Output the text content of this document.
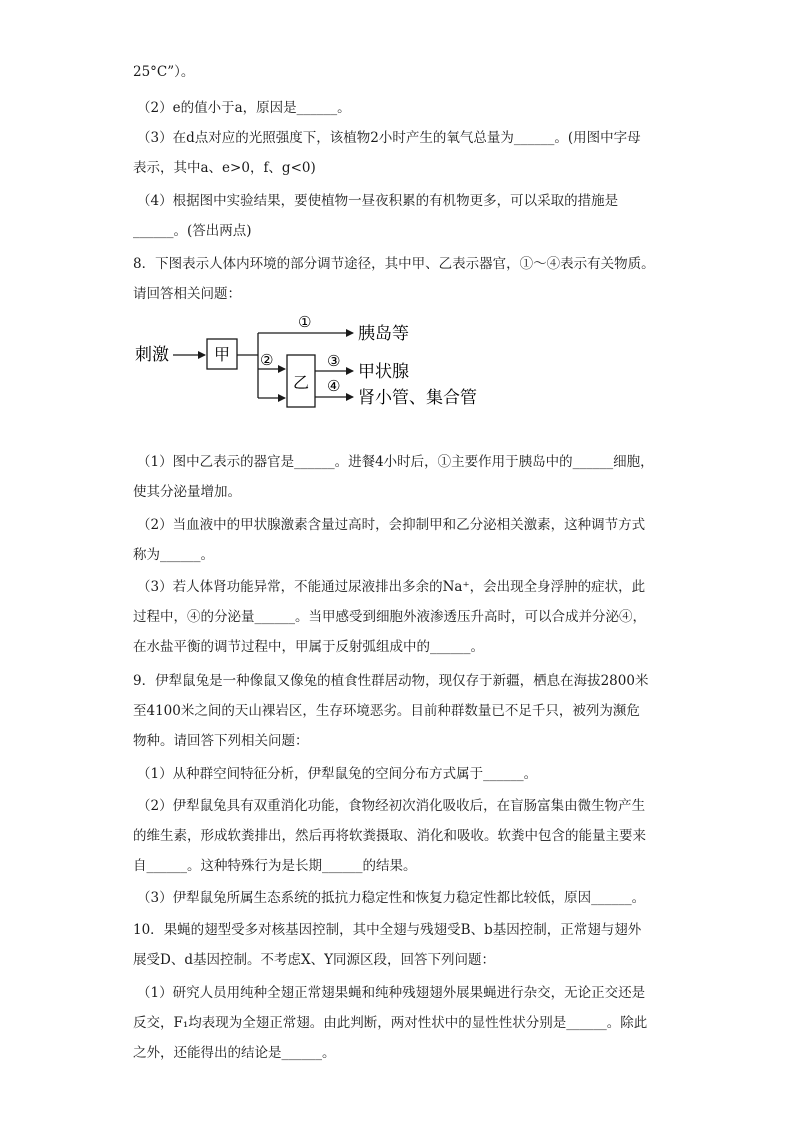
25°C”）。
（2）e的值小于a，原因是______。
（3）在d点对应的光照强度下，该植物2小时产生的氧气总量为______。(用图中字母
表示，其中a、e>0，f、g<0)
（4）根据图中实验结果，要使植物一昼夜积累的有机物更多，可以采取的措施是
______。(答出两点)
8．下图表示人体内环境的部分调节途径，其中甲、乙表示器官，①～④表示有关物质。
请回答相关问题：
刺激	甲
①
胰岛等
②
乙
③
甲状腺
④
肾小管、集合管
（1）图中乙表示的器官是______。进餐4小时后，①主要作用于胰岛中的______细胞，
使其分泌量增加。
（2）当血液中的甲状腺激素含量过高时，会抑制甲和乙分泌相关激素，这种调节方式
称为______。
（3）若人体肾功能异常，不能通过尿液排出多余的Na⁺，会出现全身浮肿的症状，此
过程中，④的分泌量______。当甲感受到细胞外液渗透压升高时，可以合成并分泌④，
在水盐平衡的调节过程中，甲属于反射弧组成中的______。
9．伊犁鼠兔是一种像鼠又像兔的植食性群居动物，现仅存于新疆，栖息在海拔2800米
至4100米之间的天山裸岩区，生存环境恶劣。目前种群数量已不足千只，被列为濒危
物种。请回答下列相关问题：
（1）从种群空间特征分析，伊犁鼠兔的空间分布方式属于______。
（2）伊犁鼠兔具有双重消化功能，食物经初次消化吸收后，在盲肠富集由微生物产生
的维生素，形成软粪排出，然后再将软粪摄取、消化和吸收。软粪中包含的能量主要来
自______。这种特殊行为是长期______的结果。
（3）伊犁鼠兔所属生态系统的抵抗力稳定性和恢复力稳定性都比较低，原因______。
10．果蝇的翅型受多对核基因控制，其中全翅与残翅受B、b基因控制，正常翅与翅外
展受D、d基因控制。不考虑X、Y同源区段，回答下列问题：
（1）研究人员用纯种全翅正常翅果蝇和纯种残翅翅外展果蝇进行杂交，无论正交还是
反交，F₁均表现为全翅正常翅。由此判断，两对性状中的显性性状分别是______。除此
之外，还能得出的结论是______。
